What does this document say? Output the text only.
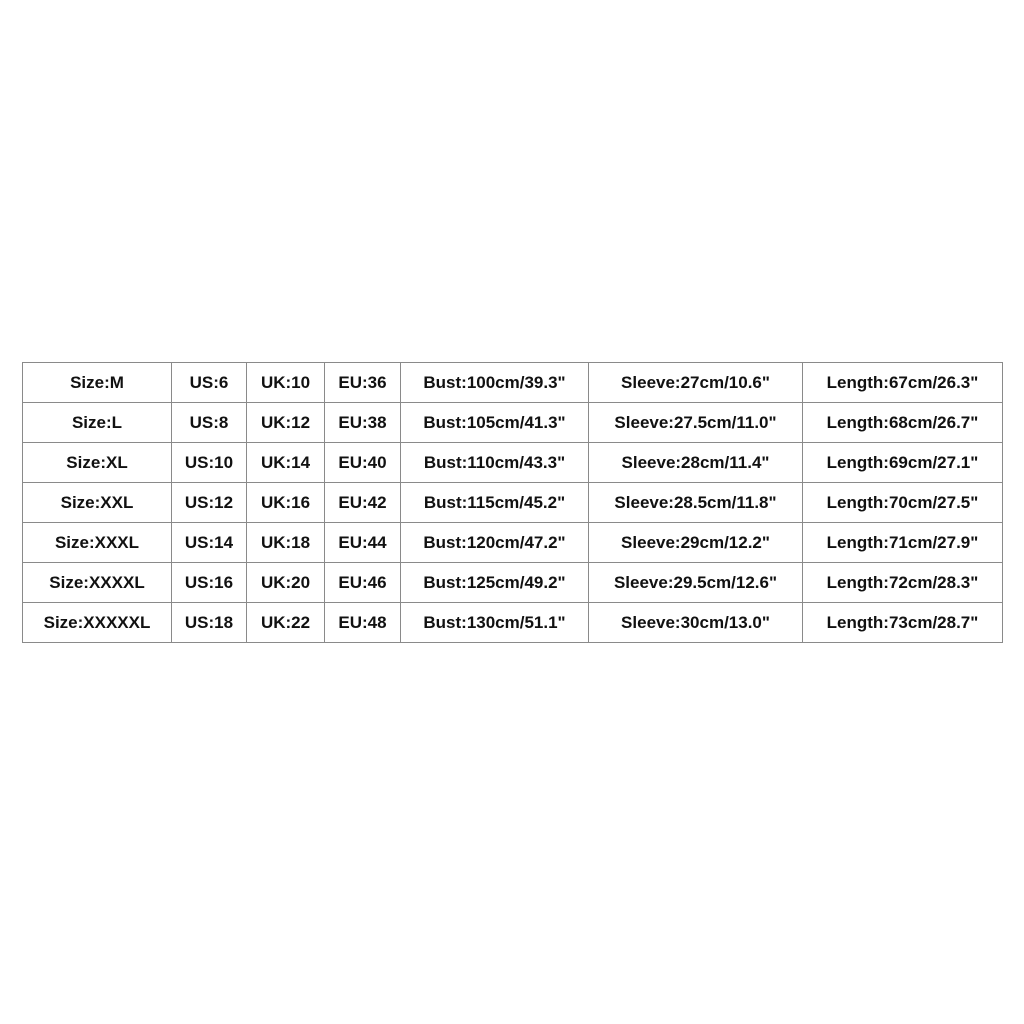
Size:M	US:6	UK:10	EU:36	Bust:100cm/39.3"	Sleeve:27cm/10.6"	Length:67cm/26.3"
Size:L	US:8	UK:12	EU:38	Bust:105cm/41.3"	Sleeve:27.5cm/11.0"	Length:68cm/26.7"
Size:XL	US:10	UK:14	EU:40	Bust:110cm/43.3"	Sleeve:28cm/11.4"	Length:69cm/27.1"
Size:XXL	US:12	UK:16	EU:42	Bust:115cm/45.2"	Sleeve:28.5cm/11.8"	Length:70cm/27.5"
Size:XXXL	US:14	UK:18	EU:44	Bust:120cm/47.2"	Sleeve:29cm/12.2"	Length:71cm/27.9"
Size:XXXXL	US:16	UK:20	EU:46	Bust:125cm/49.2"	Sleeve:29.5cm/12.6"	Length:72cm/28.3"
Size:XXXXXL	US:18	UK:22	EU:48	Bust:130cm/51.1"	Sleeve:30cm/13.0"	Length:73cm/28.7"
